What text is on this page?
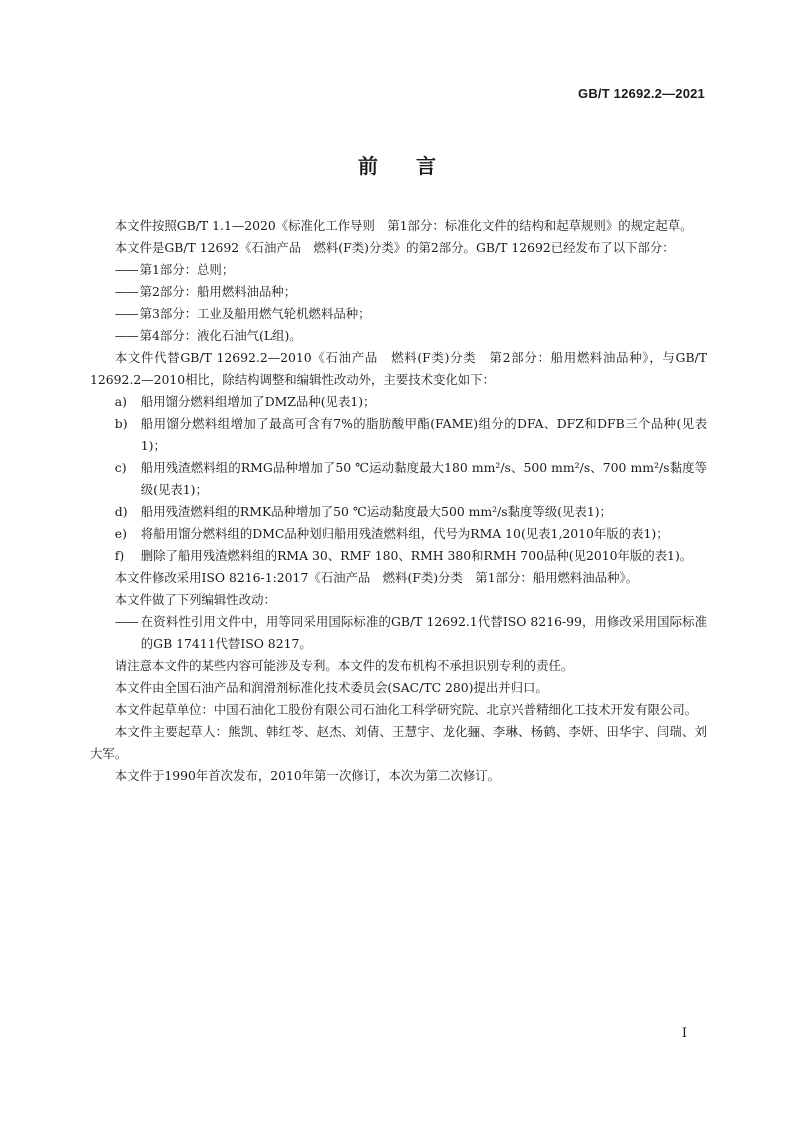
GB/T 12692.2—2021
前言

本文件按照GB/T 1.1—2020《标准化工作导则　第1部分：标准化文件的结构和起草规则》的规定起草。

本文件是GB/T 12692《石油产品　燃料(F类)分类》的第2部分。GB/T 12692已经发布了以下部分：

—— 第1部分：总则；

—— 第2部分：船用燃料油品种；

—— 第3部分：工业及船用燃气轮机燃料品种；

—— 第4部分：液化石油气(L组)。

本文件代替GB/T 12692.2—2010《石油产品　燃料(F类)分类　第2部分：船用燃料油品种》，与GB/T 12692.2—2010相比，除结构调整和编辑性改动外，主要技术变化如下：

a)	船用馏分燃料组增加了DMZ品种(见表1)；
b)	船用馏分燃料组增加了最高可含有7%的脂肪酸甲酯(FAME)组分的DFA、DFZ和DFB三个品种(见表1)；
c)	船用残渣燃料组的RMG品种增加了50 ℃运动黏度最大180 mm²/s、500 mm²/s、700 mm²/s黏度等级(见表1)；
d)	船用残渣燃料组的RMK品种增加了50 ℃运动黏度最大500 mm²/s黏度等级(见表1)；
e)	将船用馏分燃料组的DMC品种划归船用残渣燃料组，代号为RMA 10(见表1,2010年版的表1)；
f)	删除了船用残渣燃料组的RMA 30、RMF 180、RMH 380和RMH 700品种(见2010年版的表1)。

本文件修改采用ISO 8216-1:2017《石油产品　燃料(F类)分类　第1部分：船用燃料油品种》。

本文件做了下列编辑性改动：

—— 在资料性引用文件中，用等同采用国际标准的GB/T 12692.1代替ISO 8216-99，用修改采用国际标准的GB 17411代替ISO 8217。

请注意本文件的某些内容可能涉及专利。本文件的发布机构不承担识别专利的责任。

本文件由全国石油产品和润滑剂标准化技术委员会(SAC/TC 280)提出并归口。

本文件起草单位：中国石油化工股份有限公司石油化工科学研究院、北京兴普精细化工技术开发有限公司。

本文件主要起草人：熊凯、韩红苓、赵杰、刘倩、王慧宇、龙化骊、李琳、杨鹤、李妍、田华宇、闫瑞、刘大军。

本文件于1990年首次发布，2010年第一次修订，本次为第二次修订。

I
